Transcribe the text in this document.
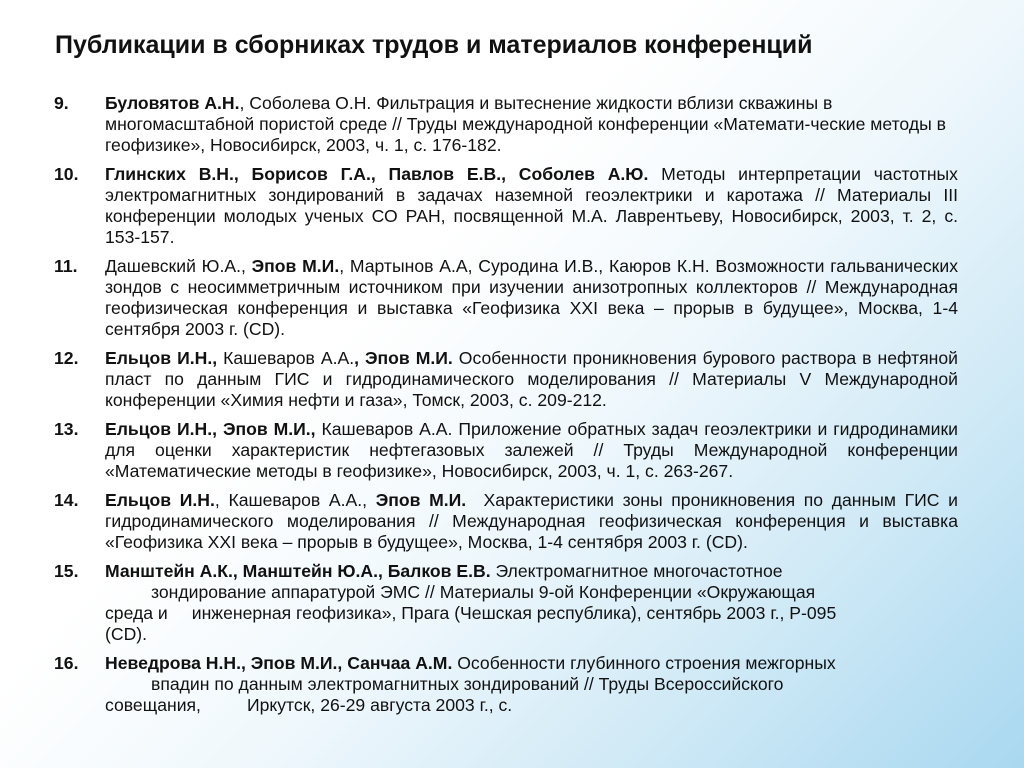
Публикации в сборниках трудов и материалов конференций
9. Буловятов А.Н., Соболева О.Н. Фильтрация и вытеснение жидкости вблизи скважины в многомасштабной пористой среде // Труды международной конференции «Математи-ческие методы в геофизике», Новосибирск, 2003, ч. 1, с. 176-182.
10. Глинских В.Н., Борисов Г.А., Павлов Е.В., Соболев А.Ю. Методы интерпретации частотных электромагнитных зондирований в задачах наземной геоэлектрики и каротажа // Материалы III конференции молодых ученых СО РАН, посвященной М.А. Лаврентьеву, Новосибирск, 2003, т. 2, с. 153-157.
11. Дашевский Ю.А., Эпов М.И., Мартынов А.А, Суродина И.В., Каюров К.Н. Возможности гальванических зондов с неосимметричным источником при изучении анизотропных коллекторов // Международная геофизическая конференция и выставка «Геофизика XXI века – прорыв в будущее», Москва, 1-4 сентября 2003 г. (CD).
12. Ельцов И.Н., Кашеваров А.А., Эпов М.И. Особенности проникновения бурового раствора в нефтяной пласт по данным ГИС и гидродинамического моделирования // Материалы V Международной конференции «Химия нефти и газа», Томск, 2003, с. 209-212.
13. Ельцов И.Н., Эпов М.И., Кашеваров А.А. Приложение обратных задач геоэлектрики и гидродинамики для оценки характеристик нефтегазовых залежей // Труды Международной конференции «Математические методы в геофизике», Новосибирск, 2003, ч. 1, с. 263-267.
14. Ельцов И.Н., Кашеваров А.А., Эпов М.И.  Характеристики зоны проникновения по данным ГИС и гидродинамического моделирования // Международная геофизическая конференция и выставка «Геофизика XXI века – прорыв в будущее», Москва, 1-4 сентября 2003 г. (CD).
15. Манштейн А.К., Манштейн Ю.А., Балков Е.В. Электромагнитное многочастотное
зондирование аппаратурой ЭМС // Материалы 9-ой Конференции «Окружающая
среда и инженерная геофизика», Прага (Чешская республика), сентябрь 2003 г., Р-095
(CD).
16. Неведрова Н.Н., Эпов М.И., Санчаа А.М. Особенности глубинного строения межгорных
впадин по данным электромагнитных зондирований // Труды Всероссийского
совещания,	Иркутск, 26-29 августа 2003 г., с.
